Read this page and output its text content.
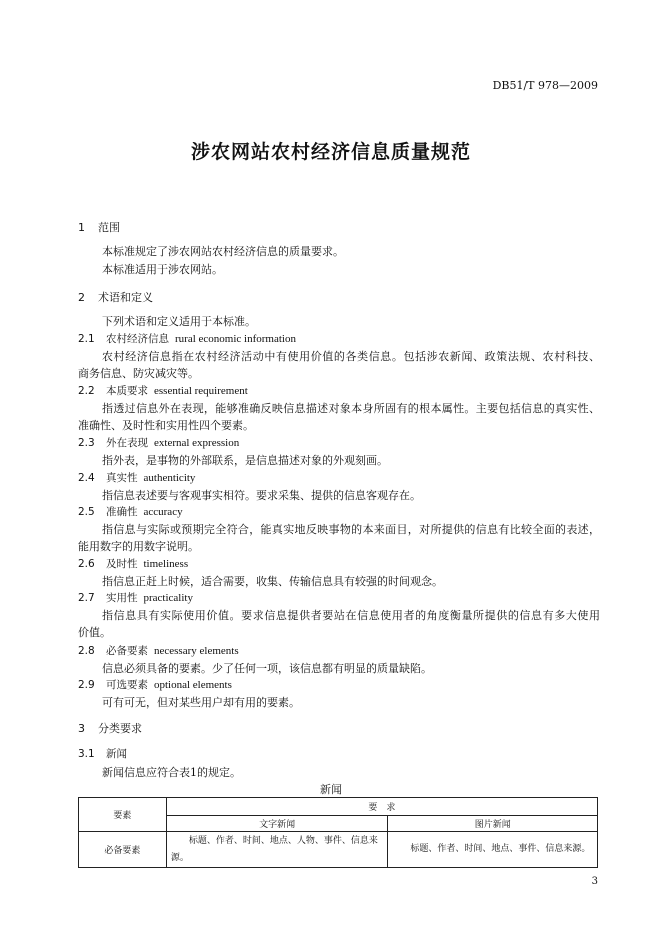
DB51/T 978—2009
涉农网站农村经济信息质量规范
1 范围
本标准规定了涉农网站农村经济信息的质量要求。
本标准适用于涉农网站。
2 术语和定义
下列术语和定义适用于本标准。
2.1 农村经济信息 rural economic information
农村经济信息指在农村经济活动中有使用价值的各类信息。包括涉农新闻、政策法规、农村科技、
商务信息、防灾减灾等。
2.2 本质要求 essential requirement
指透过信息外在表现，能够准确反映信息描述对象本身所固有的根本属性。主要包括信息的真实性、
准确性、及时性和实用性四个要素。
2.3 外在表现 external expression
指外表，是事物的外部联系，是信息描述对象的外观刻画。
2.4 真实性 authenticity
指信息表述要与客观事实相符。要求采集、提供的信息客观存在。
2.5 准确性 accuracy
指信息与实际或预期完全符合，能真实地反映事物的本来面目，对所提供的信息有比较全面的表述，
能用数字的用数字说明。
2.6 及时性 timeliness
指信息正赶上时候，适合需要，收集、传输信息具有较强的时间观念。
2.7 实用性 practicality
指信息具有实际使用价值。要求信息提供者要站在信息使用者的角度衡量所提供的信息有多大使用
价值。
2.8 必备要素 necessary elements
信息必须具备的要素。少了任何一项，该信息都有明显的质量缺陷。
2.9 可选要素 optional elements
可有可无，但对某些用户却有用的要素。
3 分类要求
3.1 新闻
新闻信息应符合表1的规定。
新闻
要素	要　求	
	文字新闻	图片新闻
必备要素	标题、作者、时间、地点、人物、事件、信息来源。	标题、作者、时间、地点、事件、信息来源。
3
